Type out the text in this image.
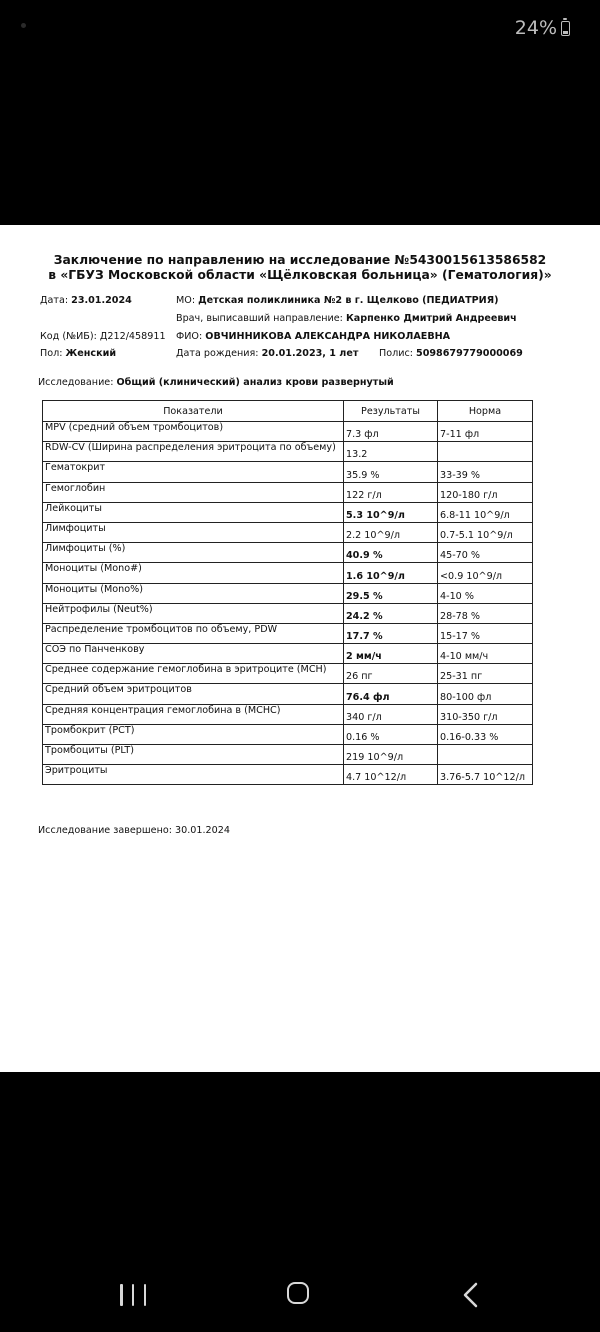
24%
Заключение по направлению на исследование №5430015613586582
в «ГБУЗ Московской области «Щёлковская больница» (Гематология)»
Дата: 23.01.2024	МО: Детская поликлиника №2 в г. Щелково (ПЕДИАТРИЯ)
Врач, выписавший направление: Карпенко Дмитрий Андреевич
Код (№ИБ): Д212/458911 ФИО: ОВЧИННИКОВА АЛЕКСАНДРА НИКОЛАЕВНА
Пол: Женский	Дата рождения: 20.01.2023, 1 лет Полис: 5098679779000069
Исследование: Общий (клинический) анализ крови развернутый
Показатели	Результаты	Норма
MPV (средний объем тромбоцитов)	7.3 фл	7-11 фл
RDW-CV (Ширина распределения эритроцита по объему)	13.2	
Гематокрит	35.9 %	33-39 %
Гемоглобин	122 г/л	120-180 г/л
Лейкоциты	5.3 10^9/л	6.8-11 10^9/л
Лимфоциты	2.2 10^9/л	0.7-5.1 10^9/л
Лимфоциты (%)	40.9 %	45-70 %
Моноциты (Mono#)	1.6 10^9/л	<0.9 10^9/л
Моноциты (Mono%)	29.5 %	4-10 %
Нейтрофилы (Neut%)	24.2 %	28-78 %
Распределение тромбоцитов по объему, PDW	17.7 %	15-17 %
СОЭ по Панченкову	2 мм/ч	4-10 мм/ч
Среднее содержание гемоглобина в эритроците (MCH)	26 пг	25-31 пг
Средний объем эритроцитов	76.4 фл	80-100 фл
Средняя концентрация гемоглобина в (MCHC)	340 г/л	310-350 г/л
Тромбокрит (PCT)	0.16 %	0.16-0.33 %
Тромбоциты (PLT)	219 10^9/л	
Эритроциты	4.7 10^12/л	3.76-5.7 10^12/л
Исследование завершено: 30.01.2024
